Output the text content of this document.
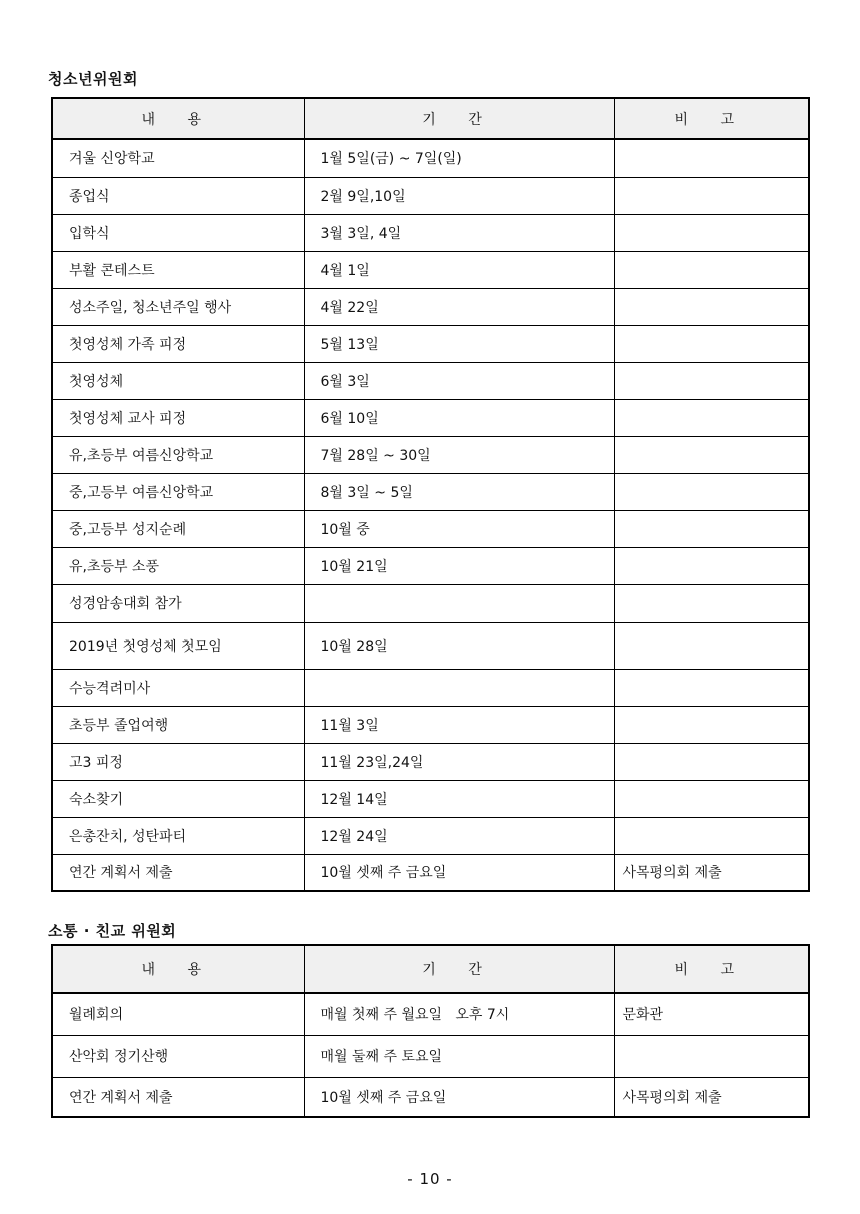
청소년위원회
내 용	기 간	비 고
겨울 신앙학교	1월 5일(금) ~ 7일(일)	
종업식	2월 9일,10일	
입학식	3월 3일, 4일	
부활 콘테스트	4월 1일	
성소주일, 청소년주일 행사	4월 22일	
첫영성체 가족 피정	5월 13일	
첫영성체	6월 3일	
첫영성체 교사 피정	6월 10일	
유,초등부 여름신앙학교	7월 28일 ~ 30일	
중,고등부 여름신앙학교	8월 3일 ~ 5일	
중,고등부 성지순례	10월 중	
유,초등부 소풍	10월 21일	
성경암송대회 참가		
2019년 첫영성체 첫모임	10월 28일	
수능격려미사		
초등부 졸업여행	11월 3일	
고3 피정	11월 23일,24일	
숙소찾기	12월 14일	
은총잔치, 성탄파티	12월 24일	
연간 계획서 제출	10월 셋째 주 금요일	사목평의회 제출
소통 · 친교 위원회
내 용	기 간	비 고
월례회의	매월 첫째 주 월요일   오후 7시	문화관
산악회 정기산행	매월 둘째 주 토요일	
연간 계획서 제출	10월 셋째 주 금요일	사목평의회 제출
- 10 -
